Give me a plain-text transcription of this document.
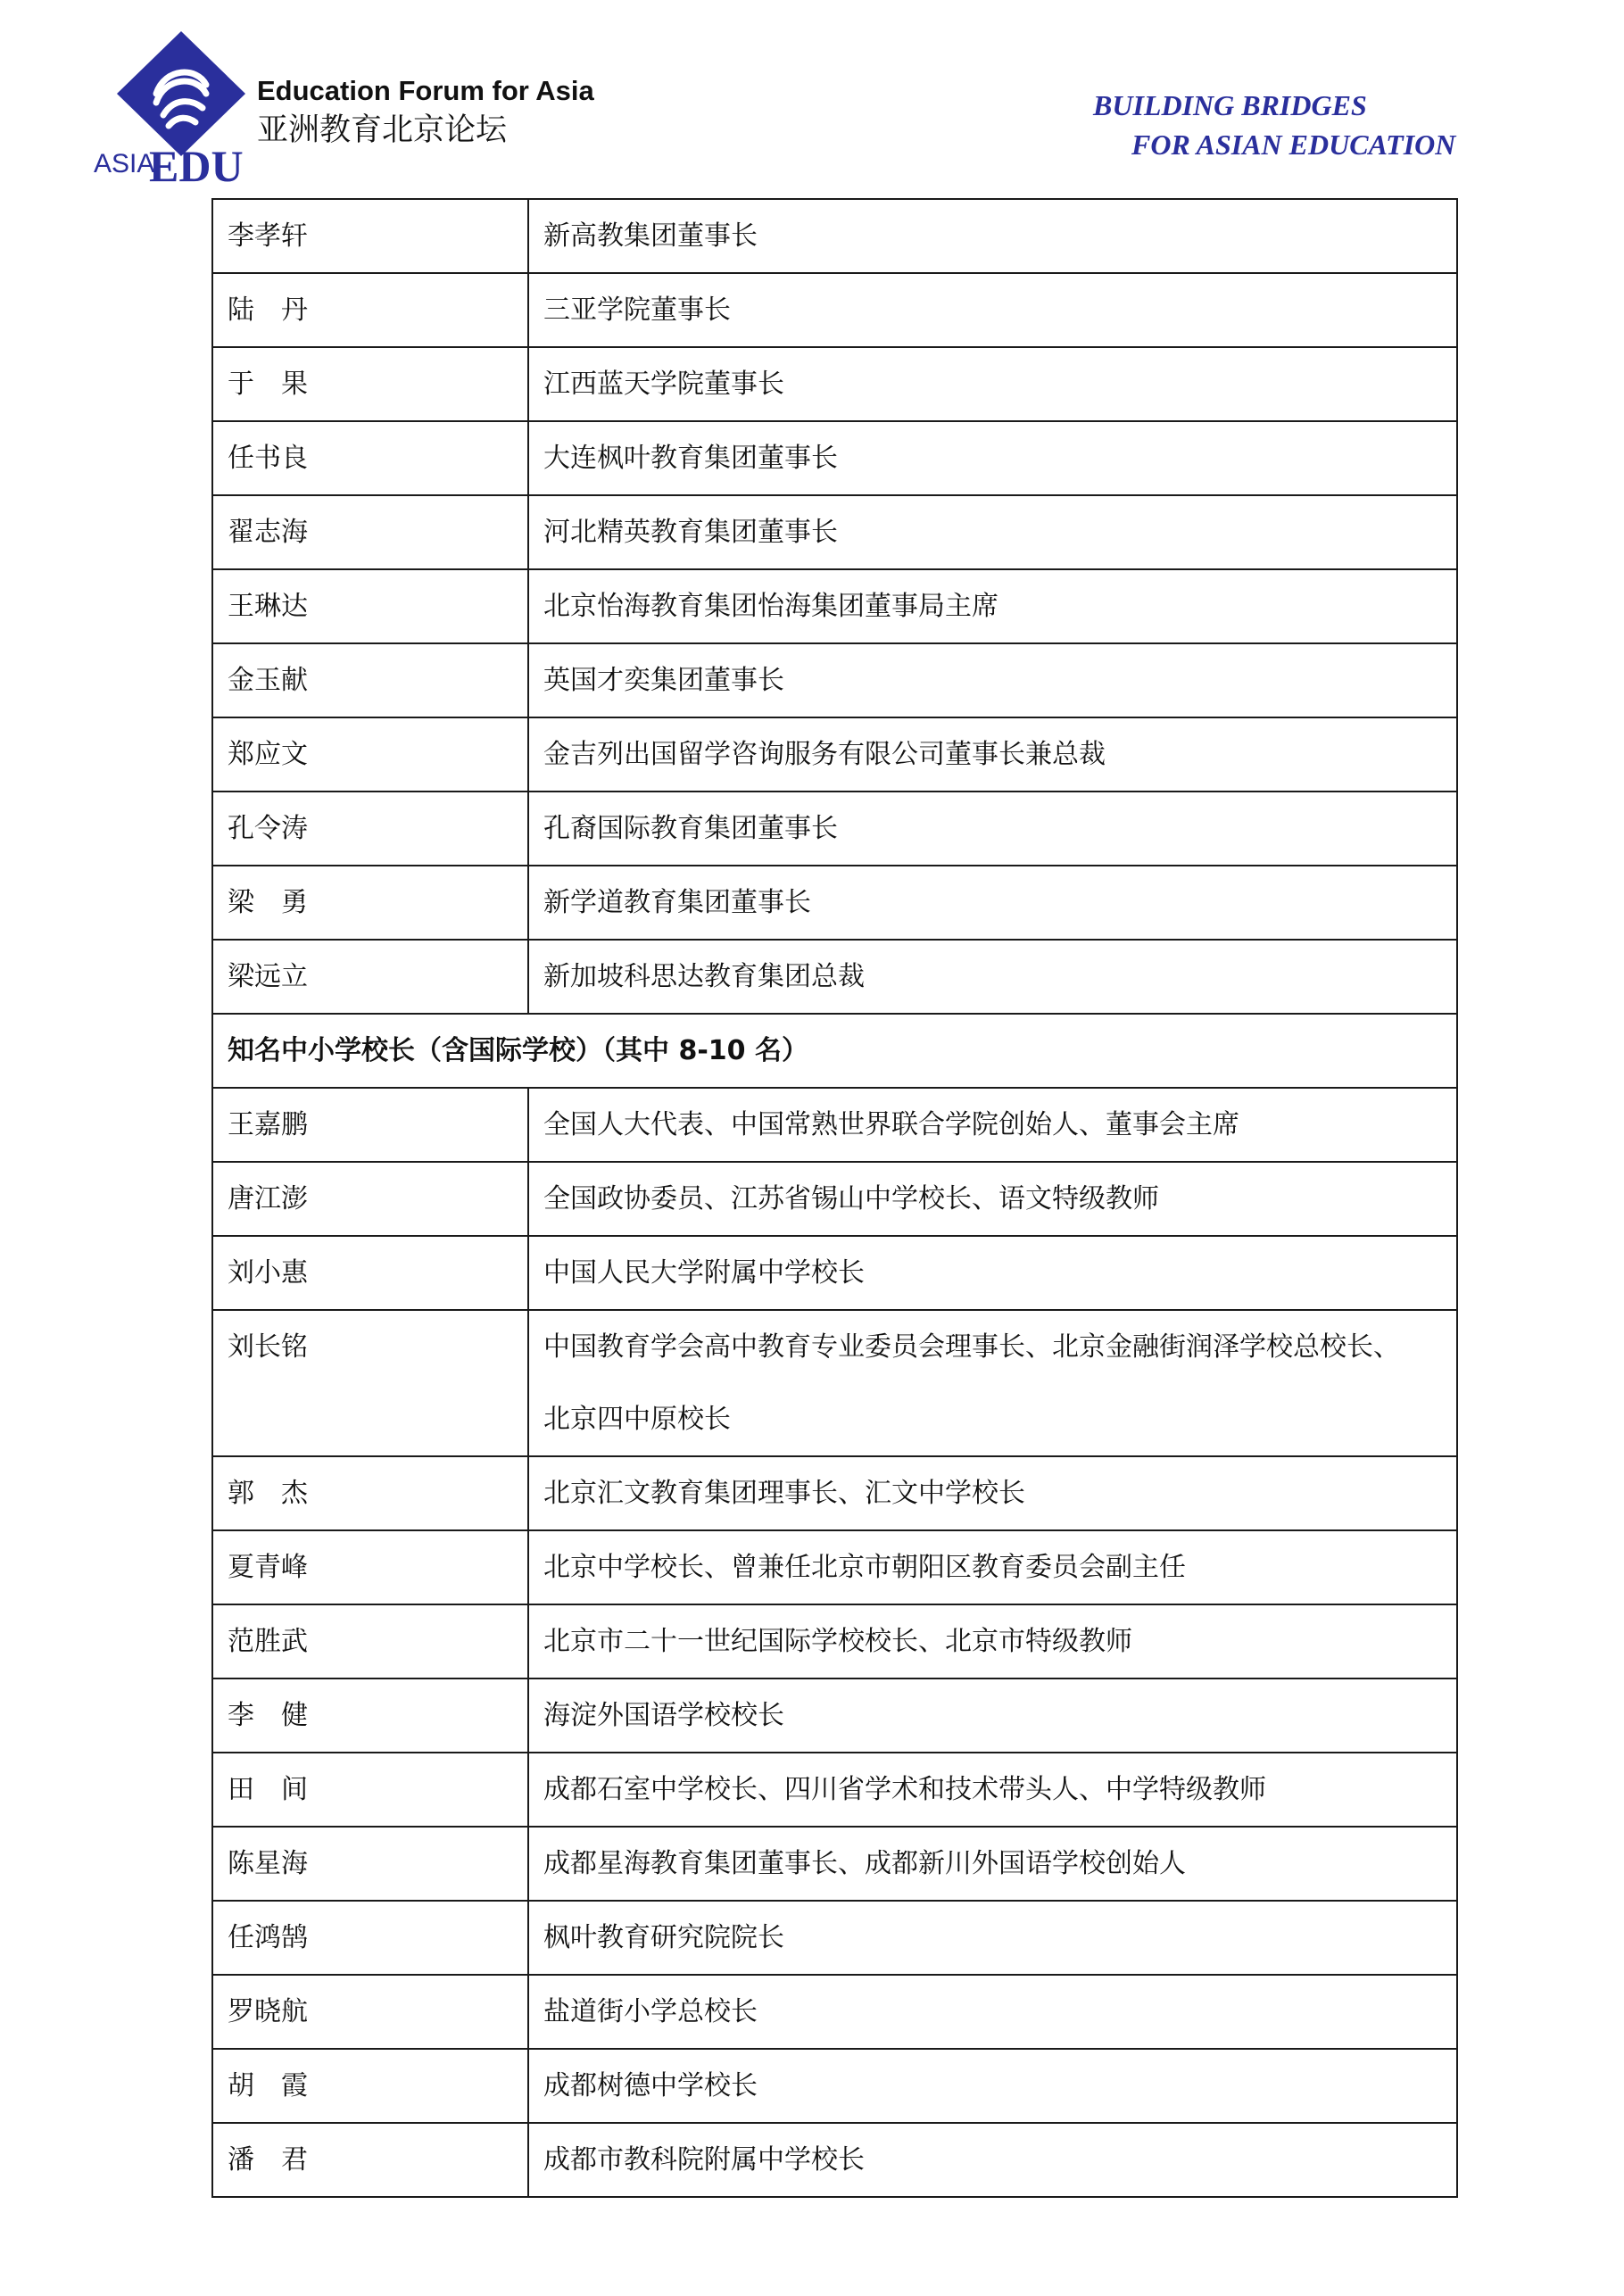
ASIA
EDU
Education Forum for Asia
亚洲教育北京论坛
BUILDING BRIDGES
FOR ASIAN EDUCATION
李孝轩	新高教集团董事长
陆　丹	三亚学院董事长
于　果	江西蓝天学院董事长
任书良	大连枫叶教育集团董事长
翟志海	河北精英教育集团董事长
王琳达	北京怡海教育集团怡海集团董事局主席
金玉献	英国才奕集团董事长
郑应文	金吉列出国留学咨询服务有限公司董事长兼总裁
孔令涛	孔裔国际教育集团董事长
梁　勇	新学道教育集团董事长
梁远立	新加坡科思达教育集团总裁
知名中小学校长（含国际学校）（其中 8-10 名）	
王嘉鹏	全国人大代表、中国常熟世界联合学院创始人、董事会主席
唐江澎	全国政协委员、江苏省锡山中学校长、语文特级教师
刘小惠	中国人民大学附属中学校长
刘长铭	中国教育学会高中教育专业委员会理事长、北京金融街润泽学校总校长、
北京四中原校长

郭　杰	北京汇文教育集团理事长、汇文中学校长
夏青峰	北京中学校长、曾兼任北京市朝阳区教育委员会副主任
范胜武	北京市二十一世纪国际学校校长、北京市特级教师
李　健	海淀外国语学校校长
田　间	成都石室中学校长、四川省学术和技术带头人、中学特级教师
陈星海	成都星海教育集团董事长、成都新川外国语学校创始人
任鸿鹄	枫叶教育研究院院长
罗晓航	盐道街小学总校长
胡　霞	成都树德中学校长
潘　君	成都市教科院附属中学校长
